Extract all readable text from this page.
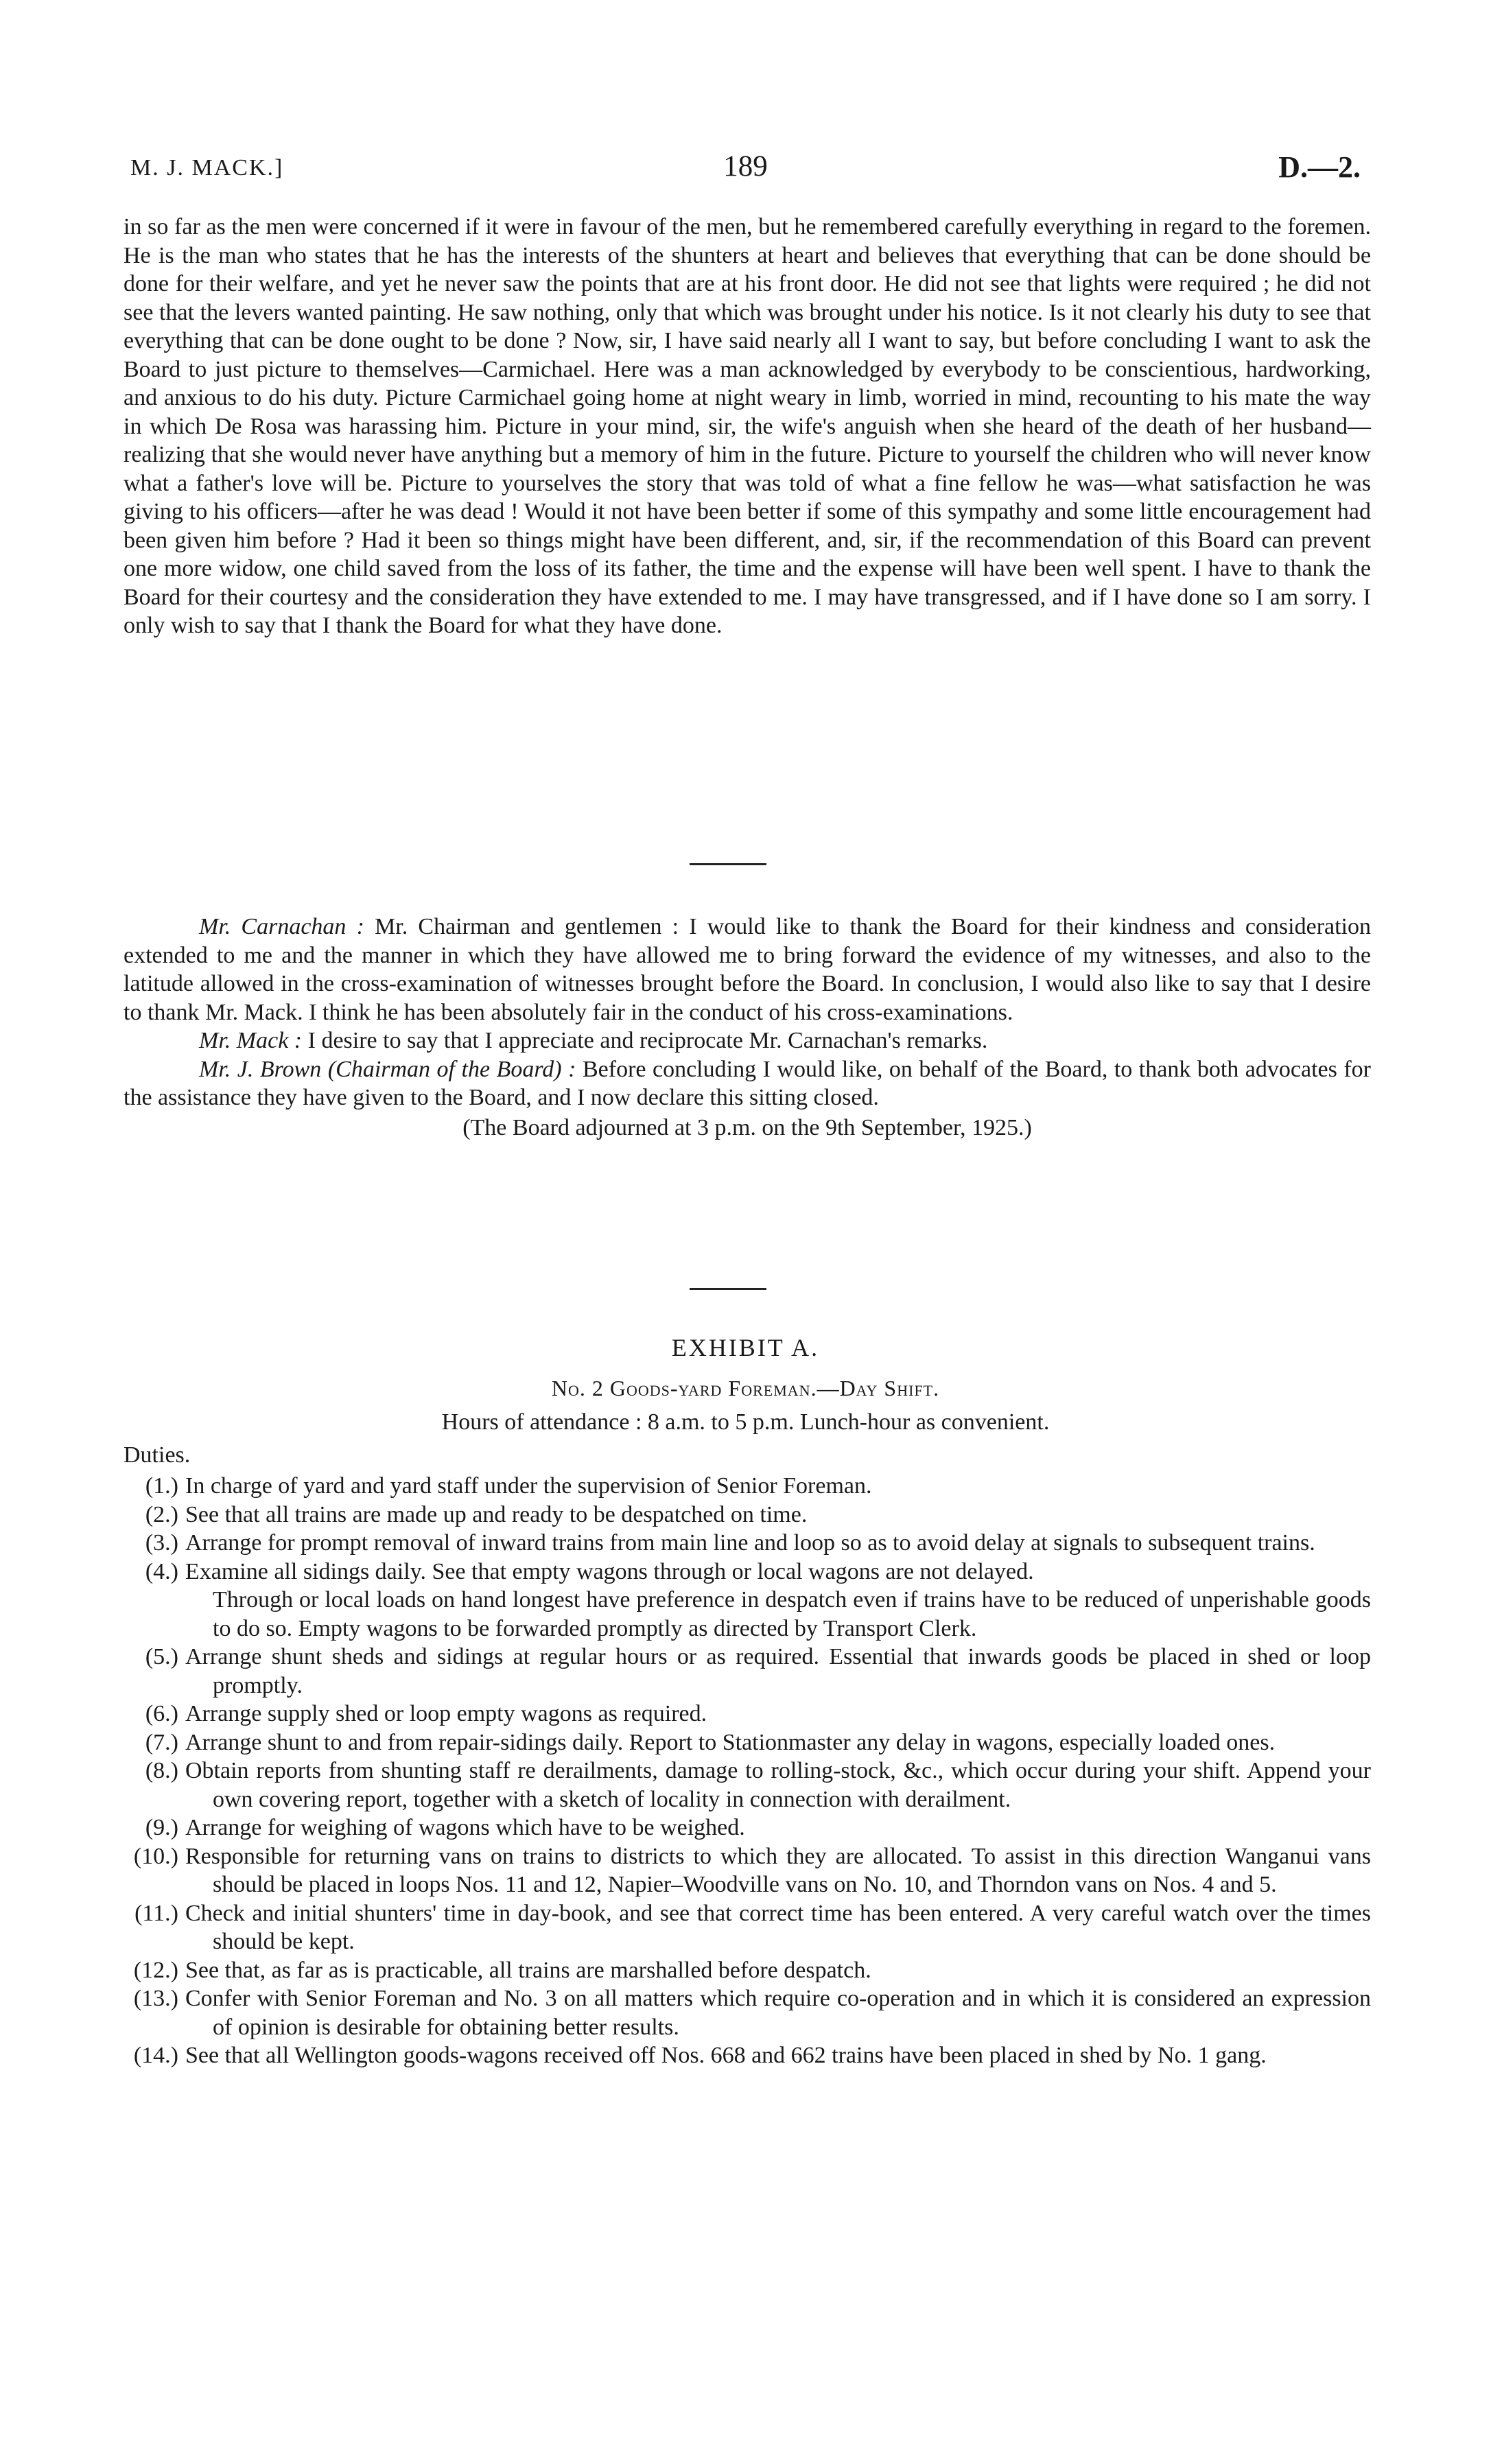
M. J. MACK.]	189	D.—2.
in so far as the men were concerned if it were in favour of the men, but he remembered carefully everything in regard to the foremen. He is the man who states that he has the interests of the shunters at heart and believes that everything that can be done should be done for their welfare, and yet he never saw the points that are at his front door. He did not see that lights were required ; he did not see that the levers wanted painting. He saw nothing, only that which was brought under his notice. Is it not clearly his duty to see that everything that can be done ought to be done ? Now, sir, I have said nearly all I want to say, but before concluding I want to ask the Board to just picture to themselves—Carmichael. Here was a man acknowledged by everybody to be conscientious, hardworking, and anxious to do his duty. Picture Carmichael going home at night weary in limb, worried in mind, recounting to his mate the way in which De Rosa was harassing him. Picture in your mind, sir, the wife's anguish when she heard of the death of her husband—realizing that she would never have anything but a memory of him in the future. Picture to yourself the children who will never know what a father's love will be. Picture to yourselves the story that was told of what a fine fellow he was—what satisfaction he was giving to his officers—after he was dead ! Would it not have been better if some of this sympathy and some little encouragement had been given him before ? Had it been so things might have been different, and, sir, if the recommendation of this Board can prevent one more widow, one child saved from the loss of its father, the time and the expense will have been well spent. I have to thank the Board for their courtesy and the consideration they have extended to me. I may have transgressed, and if I have done so I am sorry. I only wish to say that I thank the Board for what they have done.

Mr. Carnachan : Mr. Chairman and gentlemen : I would like to thank the Board for their kindness and consideration extended to me and the manner in which they have allowed me to bring forward the evidence of my witnesses, and also to the latitude allowed in the cross-examination of witnesses brought before the Board. In conclusion, I would also like to say that I desire to thank Mr. Mack. I think he has been absolutely fair in the conduct of his cross-examinations.

Mr. Mack : I desire to say that I appreciate and reciprocate Mr. Carnachan's remarks.

Mr. J. Brown (Chairman of the Board) : Before concluding I would like, on behalf of the Board, to thank both advocates for the assistance they have given to the Board, and I now declare this sitting closed.

(The Board adjourned at 3 p.m. on the 9th September, 1925.)

EXHIBIT A.
No. 2 Goods-yard Foreman.—Day Shift.
Hours of attendance : 8 a.m. to 5 p.m. Lunch-hour as convenient.
Duties.
(1.) In charge of yard and yard staff under the supervision of Senior Foreman.
(2.) See that all trains are made up and ready to be despatched on time.
(3.) Arrange for prompt removal of inward trains from main line and loop so as to avoid delay at signals to subsequent trains.
(4.) Examine all sidings daily. See that empty wagons through or local wagons are not delayed.
Through or local loads on hand longest have preference in despatch even if trains have to be reduced of unperishable goods to do so. Empty wagons to be forwarded promptly as directed by Transport Clerk.
(5.) Arrange shunt sheds and sidings at regular hours or as required. Essential that inwards goods be placed in shed or loop promptly.
(6.) Arrange supply shed or loop empty wagons as required.
(7.) Arrange shunt to and from repair-sidings daily. Report to Stationmaster any delay in wagons, especially loaded ones.
(8.) Obtain reports from shunting staff re derailments, damage to rolling-stock, &c., which occur during your shift. Append your own covering report, together with a sketch of locality in connection with derailment.
(9.) Arrange for weighing of wagons which have to be weighed.
(10.) Responsible for returning vans on trains to districts to which they are allocated. To assist in this direction Wanganui vans should be placed in loops Nos. 11 and 12, Napier–Woodville vans on No. 10, and Thorndon vans on Nos. 4 and 5.
(11.) Check and initial shunters' time in day-book, and see that correct time has been entered. A very careful watch over the times should be kept.
(12.) See that, as far as is practicable, all trains are marshalled before despatch.
(13.) Confer with Senior Foreman and No. 3 on all matters which require co-operation and in which it is considered an expression of opinion is desirable for obtaining better results.
(14.) See that all Wellington goods-wagons received off Nos. 668 and 662 trains have been placed in shed by No. 1 gang.
